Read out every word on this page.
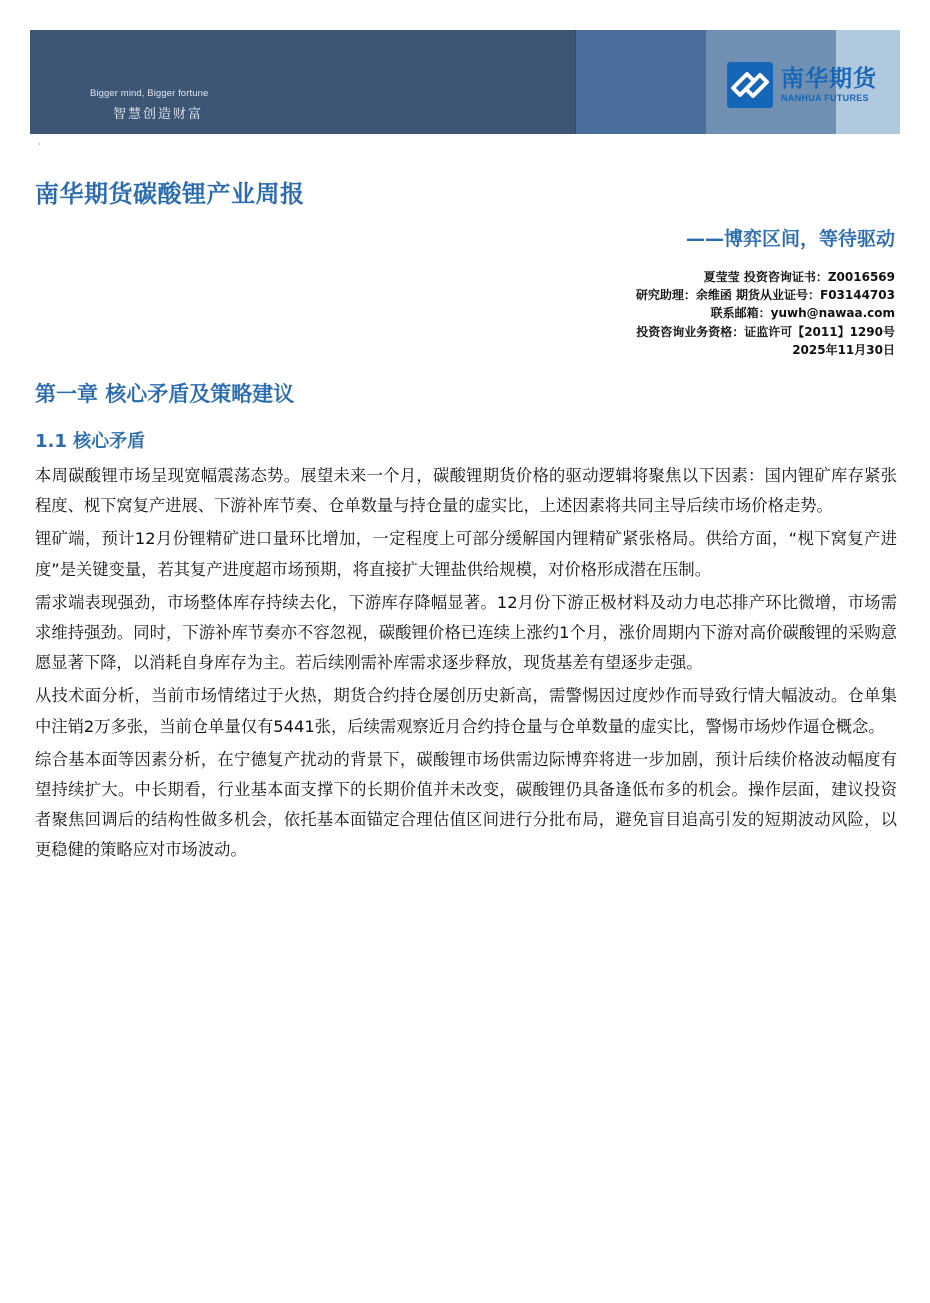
Bigger mind, Bigger fortune
智慧创造财富
南华期货
NANHUA FUTURES
·
南华期货碳酸锂产业周报
——博弈区间，等待驱动
夏莹莹 投资咨询证书：Z0016569
研究助理：余维函 期货从业证号：F03144703
联系邮箱：yuwh@nawaa.com
投资咨询业务资格：证监许可【2011】1290号
2025年11月30日
第一章 核心矛盾及策略建议
1.1 核心矛盾

本周碳酸锂市场呈现宽幅震荡态势。展望未来一个月，碳酸锂期货价格的驱动逻辑将聚焦以下因素：国内锂矿库存紧张程度、枧下窝复产进展、下游补库节奏、仓单数量与持仓量的虚实比，上述因素将共同主导后续市场价格走势。

锂矿端，预计12月份锂精矿进口量环比增加，一定程度上可部分缓解国内锂精矿紧张格局。供给方面，“枧下窝复产进度”是关键变量，若其复产进度超市场预期，将直接扩大锂盐供给规模，对价格形成潜在压制。

需求端表现强劲，市场整体库存持续去化，下游库存降幅显著。12月份下游正极材料及动力电芯排产环比微增，市场需求维持强劲。同时，下游补库节奏亦不容忽视，碳酸锂价格已连续上涨约1个月，涨价周期内下游对高价碳酸锂的采购意愿显著下降，以消耗自身库存为主。若后续刚需补库需求逐步释放，现货基差有望逐步走强。

从技术面分析，当前市场情绪过于火热，期货合约持仓屡创历史新高，需警惕因过度炒作而导致行情大幅波动。仓单集中注销2万多张，当前仓单量仅有5441张，后续需观察近月合约持仓量与仓单数量的虚实比，警惕市场炒作逼仓概念。

综合基本面等因素分析，在宁德复产扰动的背景下，碳酸锂市场供需边际博弈将进一步加剧，预计后续价格波动幅度有望持续扩大。中长期看，行业基本面支撑下的长期价值并未改变，碳酸锂仍具备逢低布多的机会。操作层面，建议投资者聚焦回调后的结构性做多机会，依托基本面锚定合理估值区间进行分批布局，避免盲目追高引发的短期波动风险，以更稳健的策略应对市场波动。
